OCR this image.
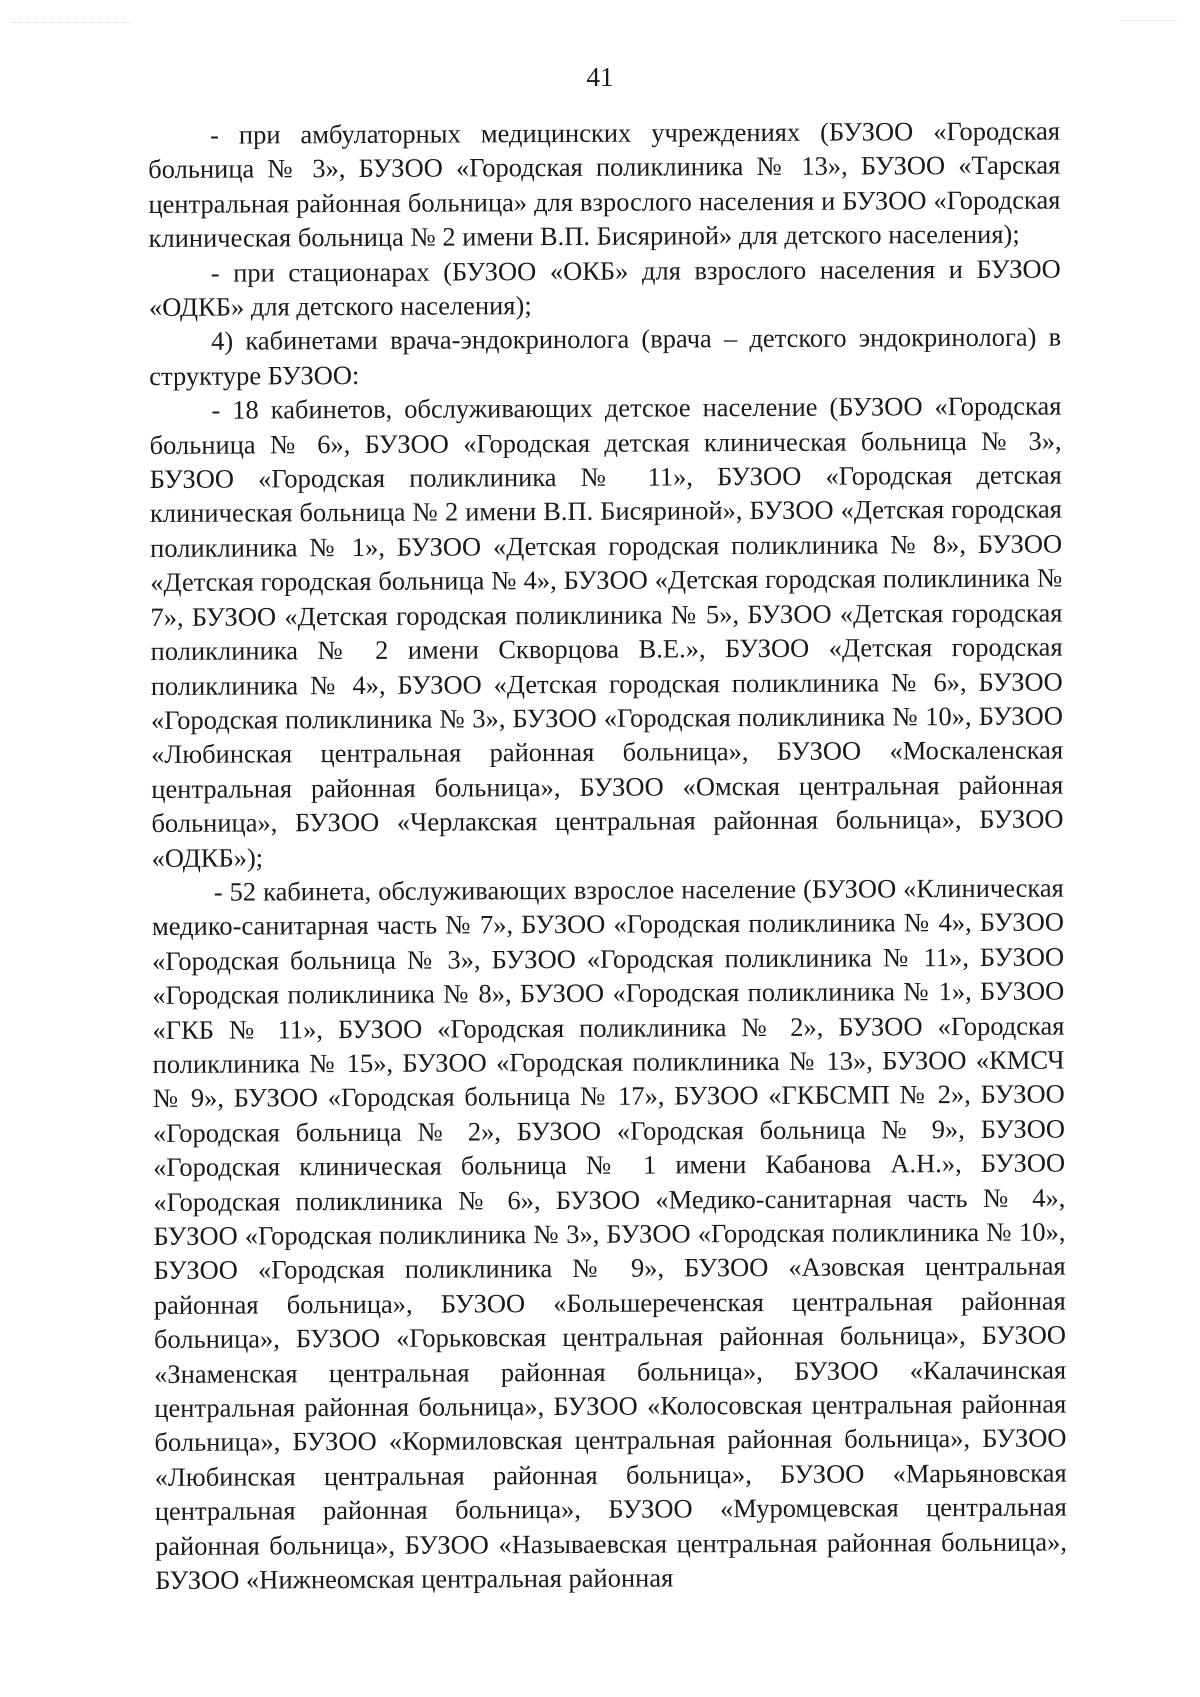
41

- при амбулаторных медицинских учреждениях (БУЗОО «Городская больница № 3», БУЗОО «Городская поликлиника № 13», БУЗОО «Тарская центральная районная больница» для взрослого населения и БУЗОО «Городская клиническая больница № 2 имени В.П. Бисяриной» для детского населения);

- при стационарах (БУЗОО «ОКБ» для взрослого населения и БУЗОО «ОДКБ» для детского населения);

4) кабинетами врача-эндокринолога (врача – детского эндокринолога) в структуре БУЗОО:

- 18 кабинетов, обслуживающих детское население (БУЗОО «Городская больница № 6», БУЗОО «Городская детская клиническая больница № 3», БУЗОО «Городская поликлиника № 11», БУЗОО «Городская детская клиническая больница № 2 имени В.П. Бисяриной», БУЗОО «Детская городская поликлиника № 1», БУЗОО «Детская городская поликлиника № 8», БУЗОО «Детская городская больница № 4», БУЗОО «Детская городская поликлиника № 7», БУЗОО «Детская городская поликлиника № 5», БУЗОО «Детская городская поликлиника № 2 имени Скворцова В.Е.», БУЗОО «Детская городская поликлиника № 4», БУЗОО «Детская городская поликлиника № 6», БУЗОО «Городская поликлиника № 3», БУЗОО «Городская поликлиника № 10», БУЗОО «Любинская центральная районная больница», БУЗОО «Москаленская центральная районная больница», БУЗОО «Омская центральная районная больница», БУЗОО «Черлакская центральная районная больница», БУЗОО «ОДКБ»);

- 52 кабинета, обслуживающих взрослое население (БУЗОО «Клиническая медико-санитарная часть № 7», БУЗОО «Городская поликлиника № 4», БУЗОО «Городская больница № 3», БУЗОО «Городская поликлиника № 11», БУЗОО «Городская поликлиника № 8», БУЗОО «Городская поликлиника № 1», БУЗОО «ГКБ № 11», БУЗОО «Городская поликлиника № 2», БУЗОО «Городская поликлиника № 15», БУЗОО «Городская поликлиника № 13», БУЗОО «КМСЧ № 9», БУЗОО «Городская больница № 17», БУЗОО «ГКБСМП № 2», БУЗОО «Городская больница № 2», БУЗОО «Городская больница № 9», БУЗОО «Городская клиническая больница № 1 имени Кабанова А.Н.», БУЗОО «Городская поликлиника № 6», БУЗОО «Медико-санитарная часть № 4», БУЗОО «Городская поликлиника № 3», БУЗОО «Городская поликлиника № 10», БУЗОО «Городская поликлиника № 9», БУЗОО «Азовская центральная районная больница», БУЗОО «Большереченская центральная районная больница», БУЗОО «Горьковская центральная районная больница», БУЗОО «Знаменская центральная районная больница», БУЗОО «Калачинская центральная районная больница», БУЗОО «Колосовская центральная районная больница», БУЗОО «Кормиловская центральная районная больница», БУЗОО «Любинская центральная районная больница», БУЗОО «Марьяновская центральная районная больница», БУЗОО «Муромцевская центральная районная больница», БУЗОО «Называевская центральная районная больница», БУЗОО «Нижнеомская центральная районная
